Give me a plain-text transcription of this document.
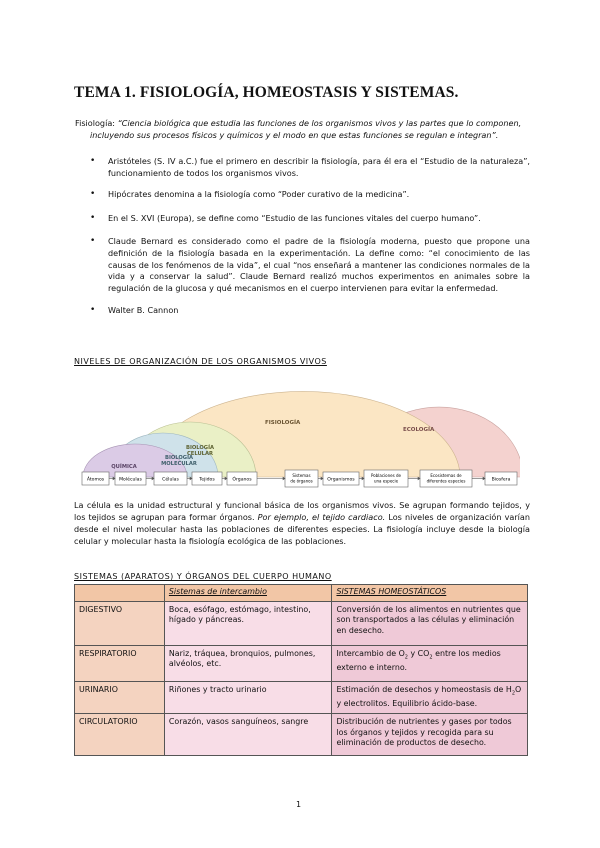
TEMA 1. FISIOLOGÍA, HOMEOSTASIS Y SISTEMAS.
Fisiología: “Ciencia biológica que estudia las funciones de los organismos vivos y las partes que lo componen,
incluyendo sus procesos físicos y químicos y el modo en que estas funciones se regulan e integran”.
• Aristóteles (S. IV a.C.) fue el primero en describir la fisiología, para él era el “Estudio de la naturaleza”, funcionamiento de todos los organismos vivos.
• Hipócrates denomina a la fisiología como “Poder curativo de la medicina”.
• En el S. XVI (Europa), se define como “Estudio de las funciones vitales del cuerpo humano”.
• Claude Bernard es considerado como el padre de la fisiología moderna, puesto que propone una definición de la fisiología basada en la experimentación. La define como: “el conocimiento de las causas de los fenómenos de la vida”, el cual “nos enseñará a mantener las condiciones normales de la vida y a conservar la salud”. Claude Bernard realizó muchos experimentos en animales sobre la regulación de la glucosa y qué mecanismos en el cuerpo intervienen para evitar la enfermedad.
• Walter B. Cannon
NIVELES DE ORGANIZACIÓN DE LOS ORGANISMOS VIVOS
FISIOLOGÍA
ECOLOGÍA
BIOLOGÍA
CELULAR
BIOLOGÍA
MOLECULAR
QUÍMICA
Átomos	Moléculas	Células	Tejidos	Órganos
Sistemas
de órganos	Organismos
Poblaciones de
una especie
Ecosistemas de
diferentes especies	Biosfera
La célula es la unidad estructural y funcional básica de los organismos vivos. Se agrupan formando tejidos, y los tejidos se agrupan para formar órganos. Por ejemplo, el tejido cardiaco. Los niveles de organización varían desde el nivel molecular hasta las poblaciones de diferentes especies. La fisiología incluye desde la biología celular y molecular hasta la fisiología ecológica de las poblaciones.
SISTEMAS (APARATOS) Y ÓRGANOS DEL CUERPO HUMANO
	Sistemas de intercambio	SISTEMAS HOMEOSTÁTICOS
DIGESTIVO	Boca, esófago, estómago, intestino, hígado y páncreas.	Conversión de los alimentos en nutrientes que son transportados a las células y eliminación en desecho.
RESPIRATORIO	Nariz, tráquea, bronquios, pulmones, alvéolos, etc.	Intercambio de $O_2$ y $CO_2$ entre los medios externo e interno.
URINARIO	Riñones y tracto urinario	Estimación de desechos y homeostasis de $H_2O$ y electrolitos. Equilibrio ácido-base.
CIRCULATORIO	Corazón, vasos sanguíneos, sangre	Distribución de nutrientes y gases por todos los órganos y tejidos y recogida para su eliminación de productos de desecho.
1
